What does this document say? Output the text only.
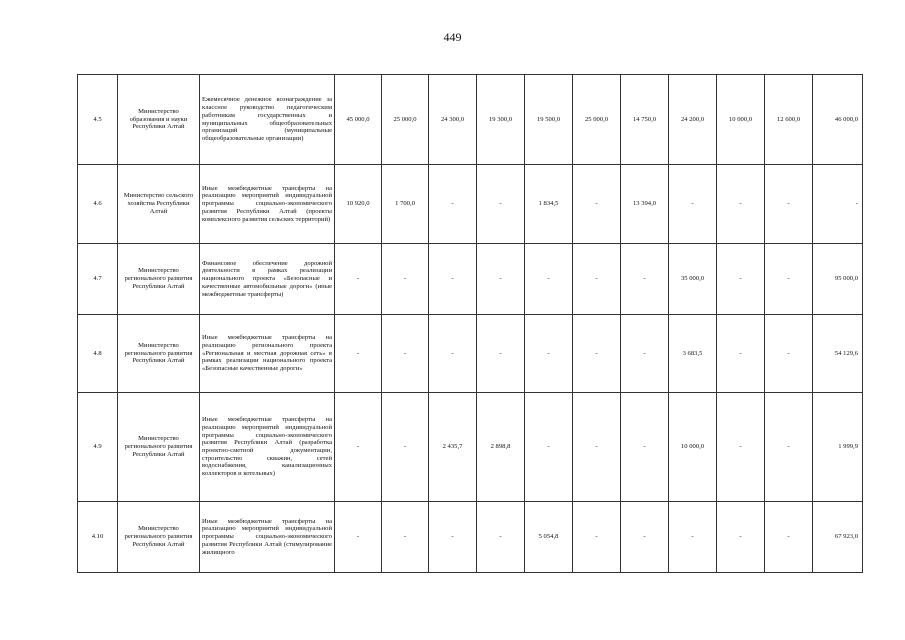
449
4.5	Министерство образования и науки Республики Алтай	Ежемесячное денежное вознаграждение за классное руководство педагогическим работникам государственных и муниципальных общеобразовательных организаций (муниципальные общеобразовательные организации)	45 000,0	25 000,0	24 300,0	19 300,0	19 500,0	25 000,0	14 750,0	24 200,0	10 000,0	12 600,0	46 000,0
4.6	Министерство сельского хозяйства Республики Алтай	Иные межбюджетные трансферты на реализацию мероприятий индивидуальной программы социально-экономического развития Республики Алтай (проекты комплексного развития сельских территорий)	10 920,0	1 700,0	-	-	1 834,5	-	13 394,0	-	-	-	-
4.7	Министерство регионального развития Республики Алтай	Финансовое обеспечение дорожной деятельности в рамках реализации национального проекта «Безопасные и качественные автомобильные дороги» (иные межбюджетные трансферты)	-	-	-	-	-	-	-	35 000,0	-	-	95 000,0
4.8	Министерство регионального развития Республики Алтай	Иные межбюджетные трансферты на реализацию регионального проекта «Региональная и местная дорожная сеть» в рамках реализации национального проекта «Безопасные качественные дороги»	-	-	-	-	-	-	-	3 683,5	-	-	54 129,6
4.9	Министерство регионального развития Республики Алтай	Иные межбюджетные трансферты на реализацию мероприятий индивидуальной программы социально-экономического развития Республики Алтай (разработка проектно-сметной документации, строительство скважин, сетей водоснабжения, канализационных коллекторов и котельных)	-	-	2 435,7	2 898,8	-	-	-	10 000,0	-	-	1 999,9
4.10	Министерство регионального развития Республики Алтай	Иные межбюджетные трансферты на реализацию мероприятий индивидуальной программы социально-экономического развития Республики Алтай (стимулирование жилищного	-	-	-	-	5 054,8	-	-	-	-	-	67 923,0
